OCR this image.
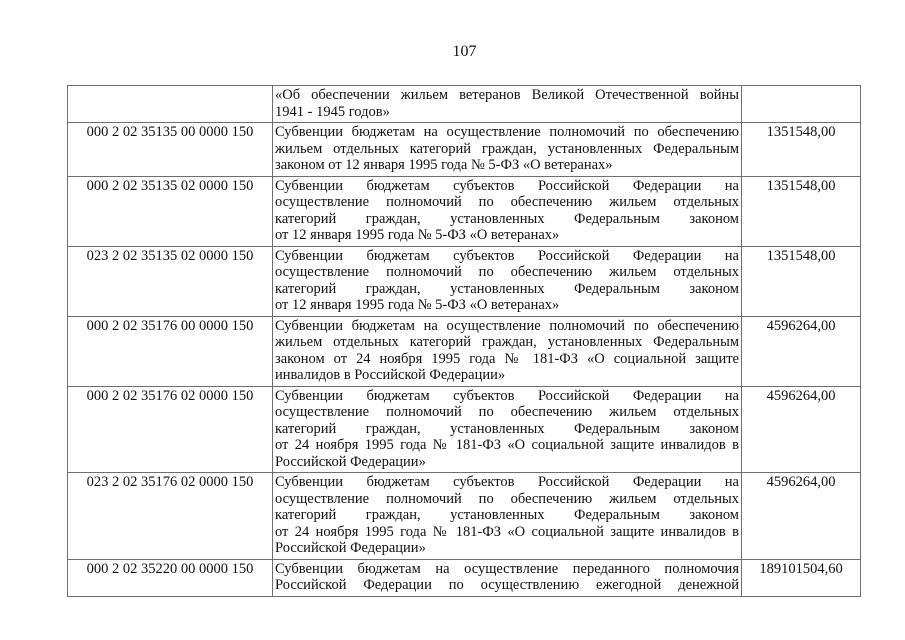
107

	«Об обеспечении жильем ветеранов Великой Отечественной войны
1941 - 1945 годов»	

000 2 02 35135 00 0000 150	Субвенции бюджетам на осуществление полномочий по обеспечению
жильем отдельных категорий граждан, установленных Федеральным
законом от 12 января 1995 года № 5-ФЗ «О ветеранах»	1351548,00
000 2 02 35135 02 0000 150	Субвенции бюджетам субъектов Российской Федерации на
осуществление полномочий по обеспечению жильем отдельных
категорий граждан, установленных Федеральным законом
от 12 января 1995 года № 5-ФЗ «О ветеранах»	1351548,00
023 2 02 35135 02 0000 150	Субвенции бюджетам субъектов Российской Федерации на
осуществление полномочий по обеспечению жильем отдельных
категорий граждан, установленных Федеральным законом
от 12 января 1995 года № 5-ФЗ «О ветеранах»	1351548,00
000 2 02 35176 00 0000 150	Субвенции бюджетам на осуществление полномочий по обеспечению
жильем отдельных категорий граждан, установленных Федеральным
законом от 24 ноября 1995 года № 181-ФЗ «О социальной защите
инвалидов в Российской Федерации»	4596264,00
000 2 02 35176 02 0000 150	Субвенции бюджетам субъектов Российской Федерации на
осуществление полномочий по обеспечению жильем отдельных
категорий граждан, установленных Федеральным законом
от 24 ноября 1995 года № 181-ФЗ «О социальной защите инвалидов в
Российской Федерации»	4596264,00
023 2 02 35176 02 0000 150	Субвенции бюджетам субъектов Российской Федерации на
осуществление полномочий по обеспечению жильем отдельных
категорий граждан, установленных Федеральным законом
от 24 ноября 1995 года № 181-ФЗ «О социальной защите инвалидов в
Российской Федерации»	4596264,00
000 2 02 35220 00 0000 150	Субвенции бюджетам на осуществление переданного полномочия
Российской Федерации по осуществлению ежегодной денежной	189101504,60
